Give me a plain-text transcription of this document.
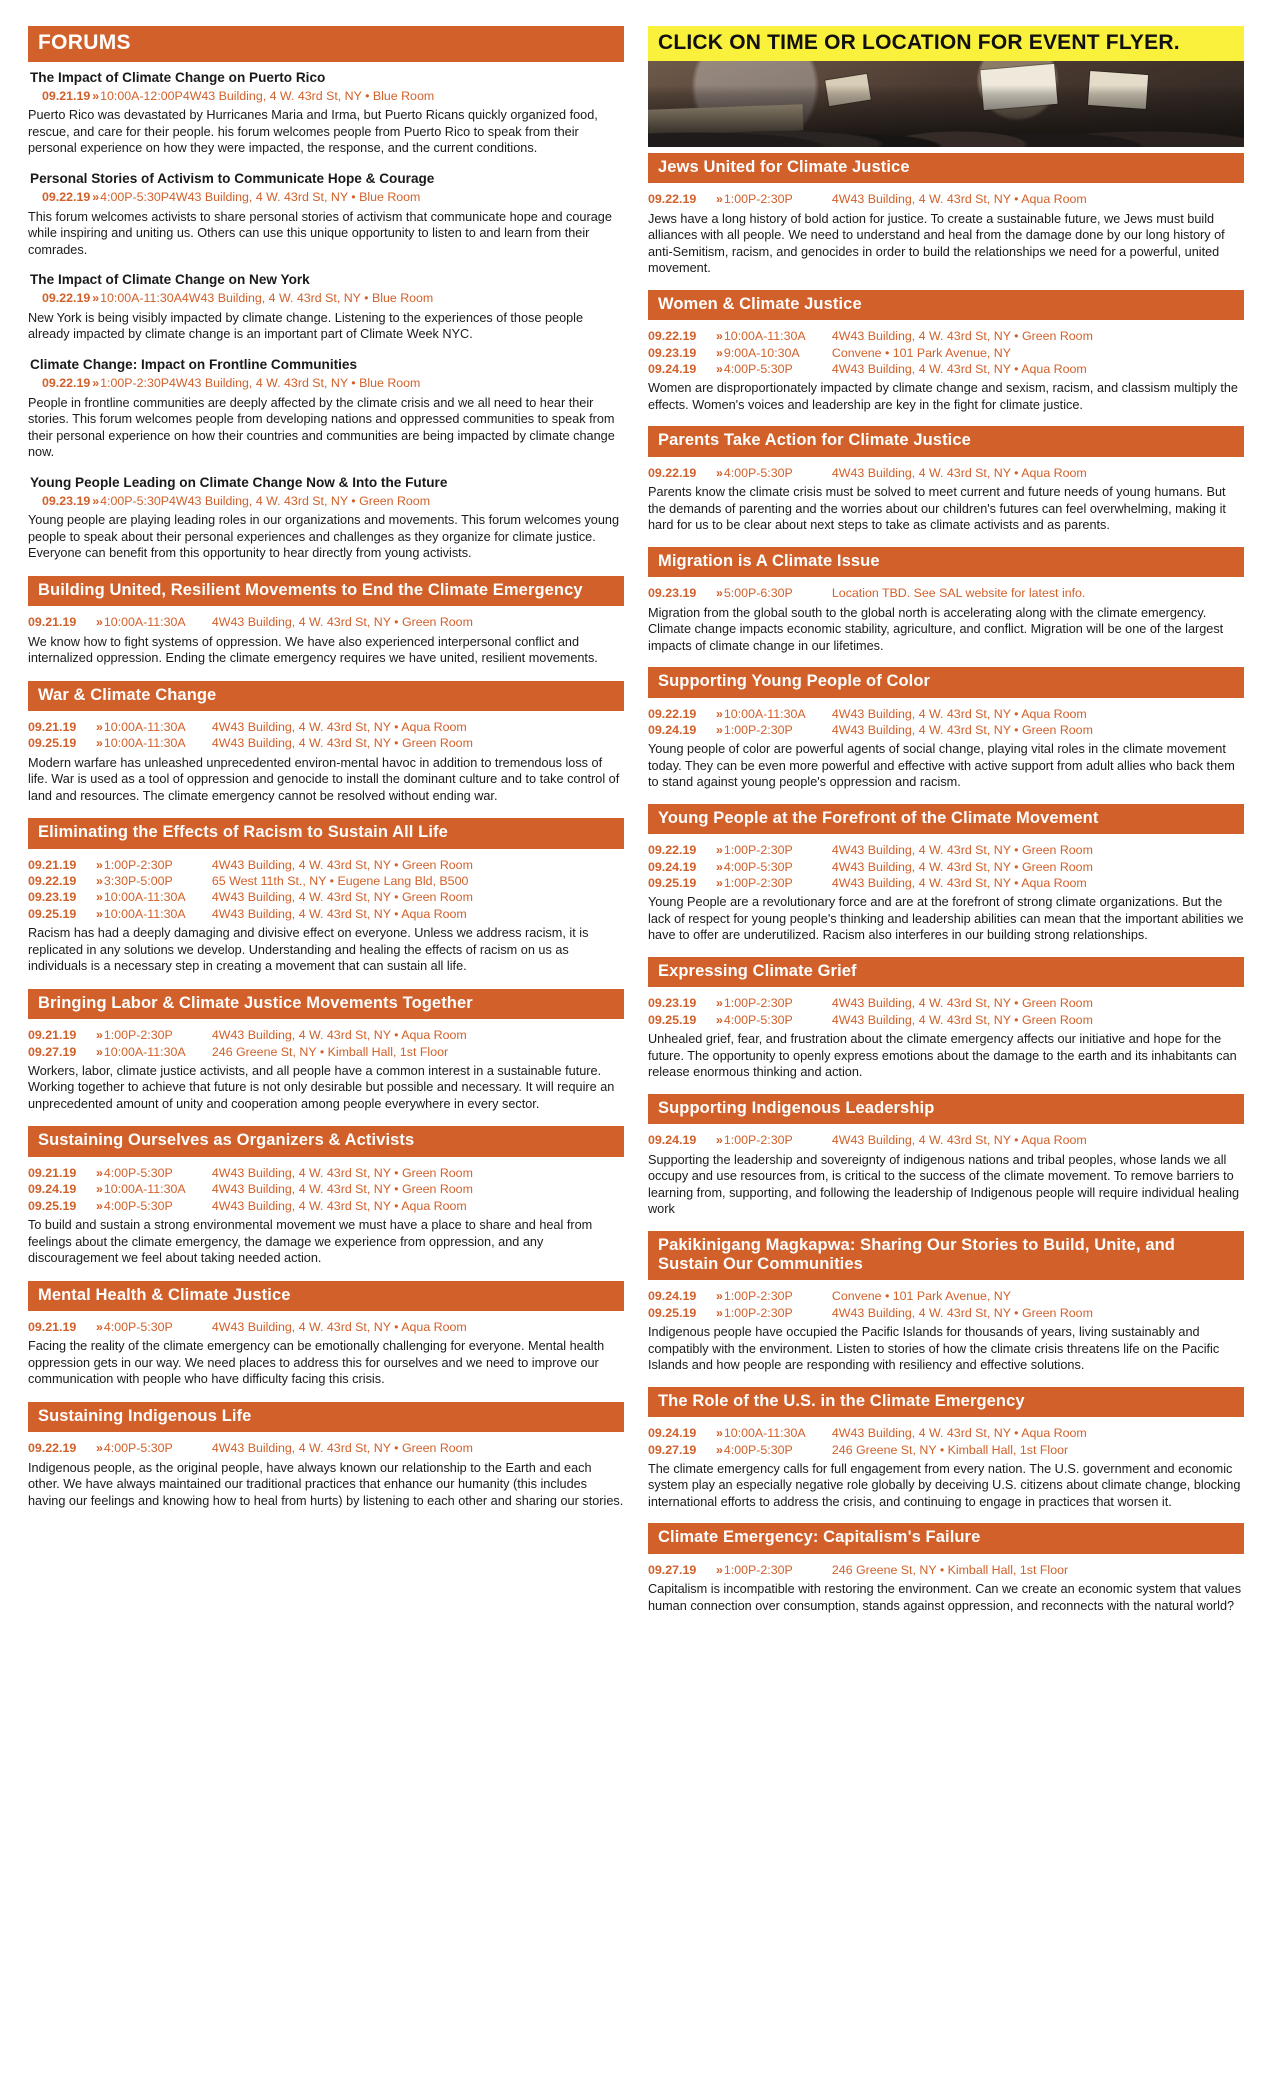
FORUMS
The Impact of Climate Change on Puerto Rico
09.21.19 » 10:00A-12:00P4W43 Building, 4 W. 43rd St, NY • Blue Room
Puerto Rico was devastated by Hurricanes Maria and Irma, but Puerto Ricans quickly organized food, rescue, and care for their people. his forum welcomes people from Puerto Rico to speak from their personal experience on how they were impacted, the response, and the current conditions.
Personal Stories of Activism to Communicate Hope & Courage
09.22.19 » 4:00P-5:30P4W43 Building, 4 W. 43rd St, NY • Blue Room
This forum welcomes activists to share personal stories of activism that communicate hope and courage while inspiring and uniting us. Others can use this unique opportunity to listen to and learn from their comrades.
The Impact of Climate Change on New York
09.22.19 » 10:00A-11:30A4W43 Building, 4 W. 43rd St, NY • Blue Room
New York is being visibly impacted by climate change. Listening to the experiences of those people already impacted by climate change is an important part of Climate Week NYC.
Climate Change: Impact on Frontline Communities
09.22.19 » 1:00P-2:30P4W43 Building, 4 W. 43rd St, NY • Blue Room
People in frontline communities are deeply affected by the climate crisis and we all need to hear their stories. This forum welcomes people from developing nations and oppressed communities to speak from their personal experience on how their countries and communities are being impacted by climate change now.
Young People Leading on Climate Change Now & Into the Future
09.23.19 » 4:00P-5:30P4W43 Building, 4 W. 43rd St, NY • Green Room
Young people are playing leading roles in our organizations and movements. This forum welcomes young people to speak about their personal experiences and challenges as they organize for climate justice. Everyone can benefit from this opportunity to hear directly from young activists.
Building United, Resilient Movements to End the Climate Emergency
09.21.19 » 10:00A-11:30A 4W43 Building, 4 W. 43rd St, NY • Green Room
We know how to fight systems of oppression. We have also experienced interpersonal conflict and internalized oppression. Ending the climate emergency requires we have united, resilient movements.
War & Climate Change
09.21.19 » 10:00A-11:30A 4W43 Building, 4 W. 43rd St, NY • Aqua Room
09.25.19 » 10:00A-11:30A 4W43 Building, 4 W. 43rd St, NY • Green Room
Modern warfare has unleashed unprecedented environ-mental havoc in addition to tremendous loss of life. War is used as a tool of oppression and genocide to install the dominant culture and to take control of land and resources. The climate emergency cannot be resolved without ending war.
Eliminating the Effects of Racism to Sustain All Life
09.21.19 » 1:00P-2:30P	4W43 Building, 4 W. 43rd St, NY • Green Room
09.22.19 » 3:30P-5:00P	65 West 11th St., NY • Eugene Lang Bld, B500
09.23.19 » 10:00A-11:30A 4W43 Building, 4 W. 43rd St, NY • Green Room
09.25.19 » 10:00A-11:30A 4W43 Building, 4 W. 43rd St, NY • Aqua Room
Racism has had a deeply damaging and divisive effect on everyone. Unless we address racism, it is replicated in any solutions we develop. Understanding and healing the effects of racism on us as individuals is a necessary step in creating a movement that can sustain all life.
Bringing Labor & Climate Justice Movements Together
09.21.19 » 1:00P-2:30P	4W43 Building, 4 W. 43rd St, NY • Aqua Room
09.27.19 » 10:00A-11:30A 246 Greene St, NY • Kimball Hall, 1st Floor
Workers, labor, climate justice activists, and all people have a common interest in a sustainable future. Working together to achieve that future is not only desirable but possible and necessary. It will require an unprecedented amount of unity and cooperation among people everywhere in every sector.
Sustaining Ourselves as Organizers & Activists
09.21.19 » 4:00P-5:30P	4W43 Building, 4 W. 43rd St, NY • Green Room
09.24.19 » 10:00A-11:30A 4W43 Building, 4 W. 43rd St, NY • Green Room
09.25.19 » 4:00P-5:30P	4W43 Building, 4 W. 43rd St, NY • Aqua Room
To build and sustain a strong environmental movement we must have a place to share and heal from feelings about the climate emergency, the damage we experience from oppression, and any discouragement we feel about taking needed action.
Mental Health & Climate Justice
09.21.19 » 4:00P-5:30P	4W43 Building, 4 W. 43rd St, NY • Aqua Room
Facing the reality of the climate emergency can be emotionally challenging for everyone. Mental health oppression gets in our way. We need places to address this for ourselves and we need to improve our communication with people who have difficulty facing this crisis.
Sustaining Indigenous Life
09.22.19 » 4:00P-5:30P	4W43 Building, 4 W. 43rd St, NY • Green Room
Indigenous people, as the original people, have always known our relationship to the Earth and each other. We have always maintained our traditional practices that enhance our humanity (this includes having our feelings and knowing how to heal from hurts) by listening to each other and sharing our stories.
CLICK ON TIME OR LOCATION FOR EVENT FLYER.
Jews United for Climate Justice
09.22.19 » 1:00P-2:30P	4W43 Building, 4 W. 43rd St, NY • Aqua Room
Jews have a long history of bold action for justice. To create a sustainable future, we Jews must build alliances with all people. We need to understand and heal from the damage done by our long history of anti-Semitism, racism, and genocides in order to build the relationships we need for a powerful, united movement.
Women & Climate Justice
09.22.19 » 10:00A-11:30A 4W43 Building, 4 W. 43rd St, NY • Green Room
09.23.19 » 9:00A-10:30A	Convene • 101 Park Avenue, NY
09.24.19 » 4:00P-5:30P	4W43 Building, 4 W. 43rd St, NY • Aqua Room
Women are disproportionately impacted by climate change and sexism, racism, and classism multiply the effects. Women's voices and leadership are key in the fight for climate justice.
Parents Take Action for Climate Justice
09.22.19 » 4:00P-5:30P	4W43 Building, 4 W. 43rd St, NY • Aqua Room
Parents know the climate crisis must be solved to meet current and future needs of young humans. But the demands of parenting and the worries about our children's futures can feel overwhelming, making it hard for us to be clear about next steps to take as climate activists and as parents.
Migration is A Climate Issue
09.23.19 » 5:00P-6:30P	Location TBD. See SAL website for latest info.
Migration from the global south to the global north is accelerating along with the climate emergency. Climate change impacts economic stability, agriculture, and conflict. Migration will be one of the largest impacts of climate change in our lifetimes.
Supporting Young People of Color
09.22.19 » 10:00A-11:30A 4W43 Building, 4 W. 43rd St, NY • Aqua Room
09.24.19 » 1:00P-2:30P	4W43 Building, 4 W. 43rd St, NY • Green Room
Young people of color are powerful agents of social change, playing vital roles in the climate movement today. They can be even more powerful and effective with active support from adult allies who back them to stand against young people's oppression and racism.
Young People at the Forefront of the Climate Movement
09.22.19 » 1:00P-2:30P	4W43 Building, 4 W. 43rd St, NY • Green Room
09.24.19 » 4:00P-5:30P	4W43 Building, 4 W. 43rd St, NY • Green Room
09.25.19 » 1:00P-2:30P	4W43 Building, 4 W. 43rd St, NY • Aqua Room
Young People are a revolutionary force and are at the forefront of strong climate organizations. But the lack of respect for young people's thinking and leadership abilities can mean that the important abilities we have to offer are underutilized. Racism also interferes in our building strong relationships.
Expressing Climate Grief
09.23.19 » 1:00P-2:30P	4W43 Building, 4 W. 43rd St, NY • Green Room
09.25.19 » 4:00P-5:30P	4W43 Building, 4 W. 43rd St, NY • Green Room
Unhealed grief, fear, and frustration about the climate emergency affects our initiative and hope for the future. The opportunity to openly express emotions about the damage to the earth and its inhabitants can release enormous thinking and action.
Supporting Indigenous Leadership
09.24.19 » 1:00P-2:30P	4W43 Building, 4 W. 43rd St, NY • Aqua Room
Supporting the leadership and sovereignty of indigenous nations and tribal peoples, whose lands we all occupy and use resources from, is critical to the success of the climate movement. To remove barriers to learning from, supporting, and following the leadership of Indigenous people will require individual healing work
Pakikinigang Magkapwa: Sharing Our Stories to Build, Unite, and Sustain Our Communities
09.24.19 » 1:00P-2:30P	Convene • 101 Park Avenue, NY
09.25.19 » 1:00P-2:30P	4W43 Building, 4 W. 43rd St, NY • Green Room
Indigenous people have occupied the Pacific Islands for thousands of years, living sustainably and compatibly with the environment. Listen to stories of how the climate crisis threatens life on the Pacific Islands and how people are responding with resiliency and effective solutions.
The Role of the U.S. in the Climate Emergency
09.24.19 » 10:00A-11:30A 4W43 Building, 4 W. 43rd St, NY • Aqua Room
09.27.19 » 4:00P-5:30P	246 Greene St, NY • Kimball Hall, 1st Floor
The climate emergency calls for full engagement from every nation. The U.S. government and economic system play an especially negative role globally by deceiving U.S. citizens about climate change, blocking international efforts to address the crisis, and continuing to engage in practices that worsen it.
Climate Emergency: Capitalism's Failure
09.27.19 » 1:00P-2:30P	246 Greene St, NY • Kimball Hall, 1st Floor
Capitalism is incompatible with restoring the environment. Can we create an economic system that values human connection over consumption, stands against oppression, and reconnects with the natural world?
